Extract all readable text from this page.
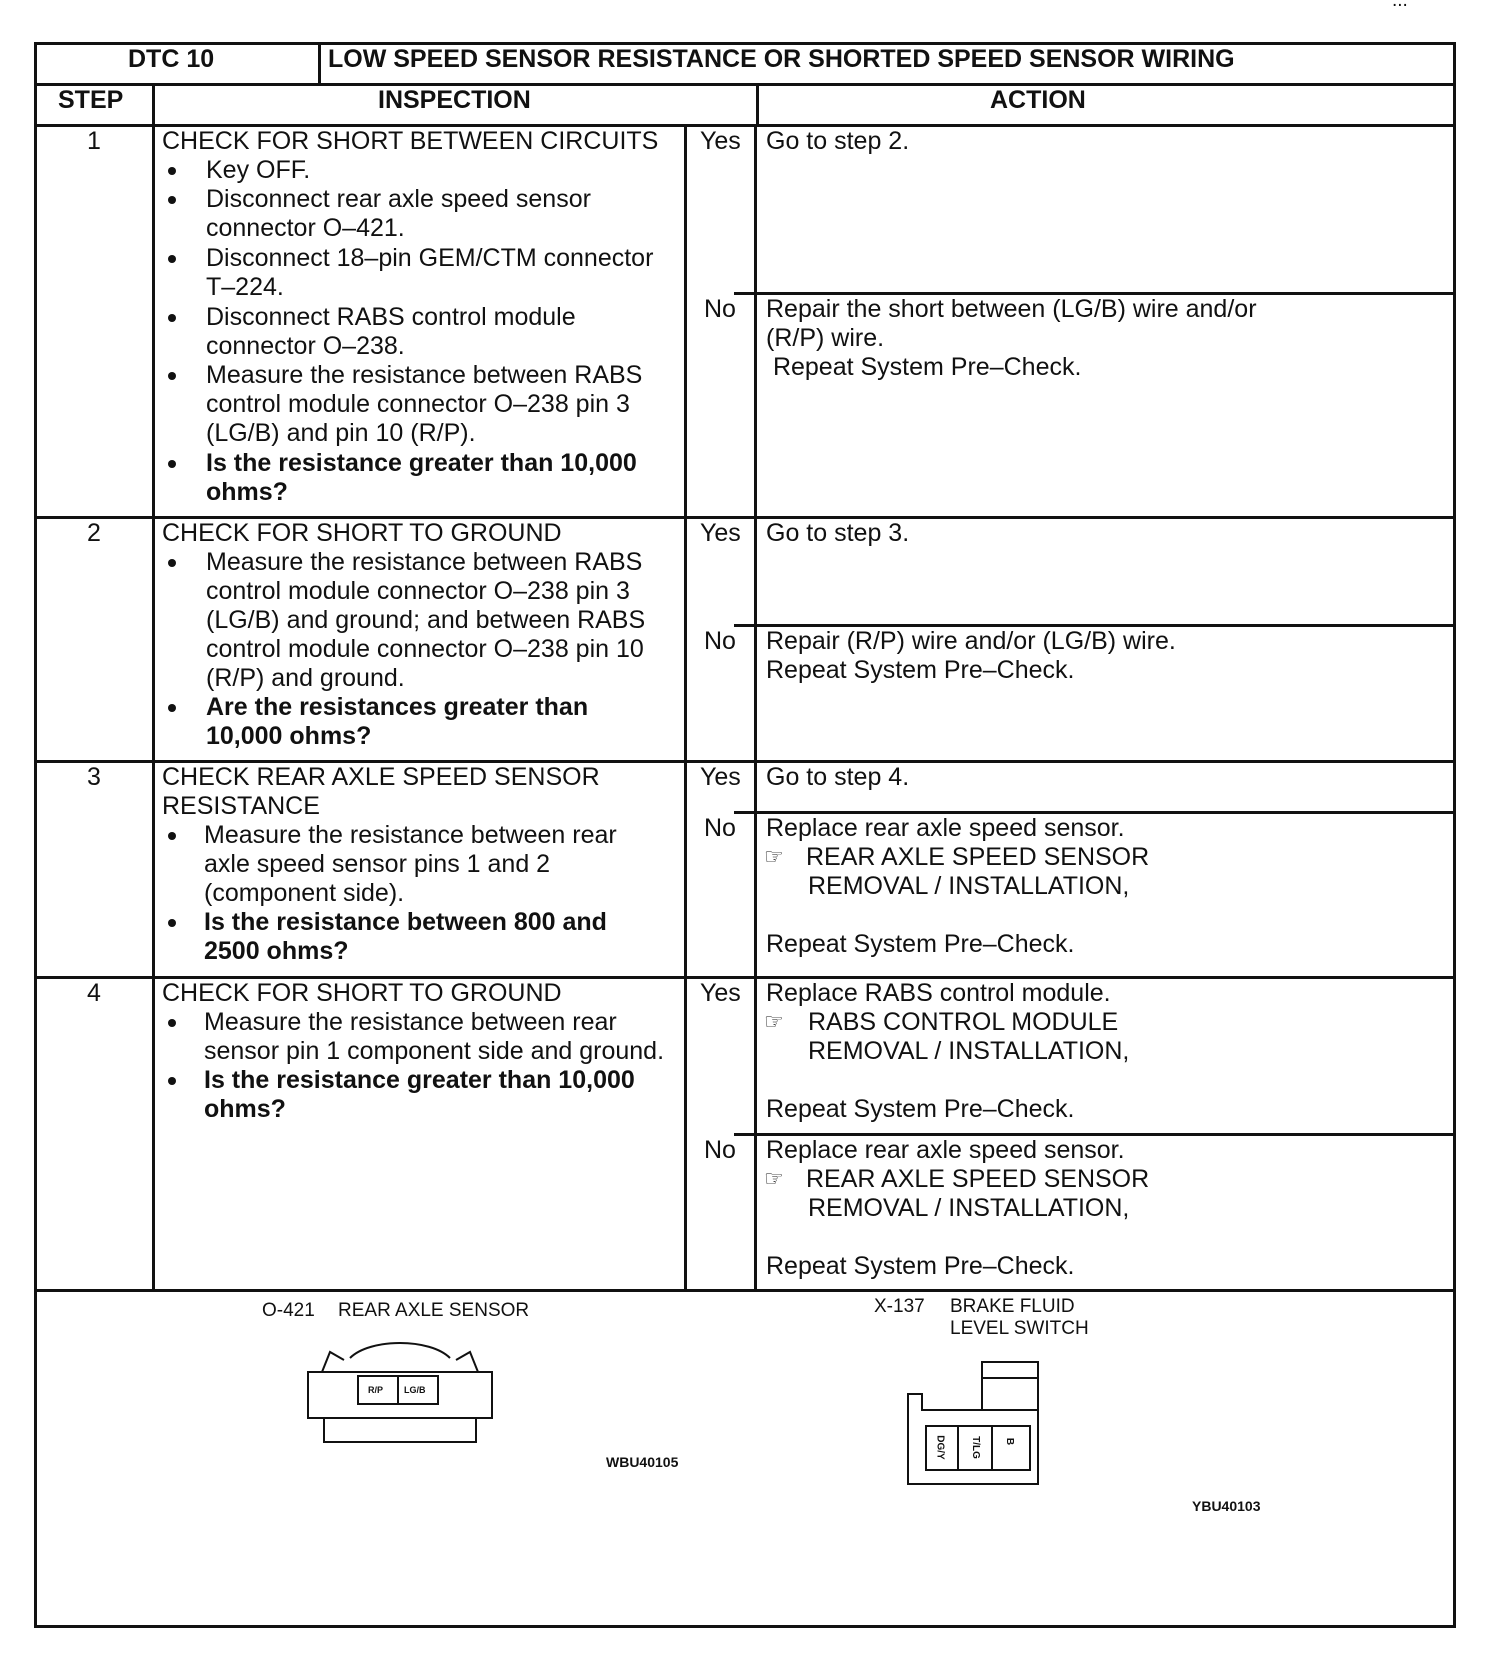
...
DTC 10	LOW SPEED SENSOR RESISTANCE OR SHORTED SPEED SENSOR WIRING
STEP	INSPECTION	ACTION
1 CHECK FOR SHORT BETWEEN CIRCUITS
Key OFF.
Disconnect rear axle speed sensor
connector O–421.
Disconnect 18–pin GEM/CTM connector
T–224.
Disconnect RABS control module
connector O–238.
Measure the resistance between RABS
control module connector O–238 pin 3
(LG/B) and pin 10 (R/P).
Is the resistance greater than 10,000
ohms?
Yes Go to step 2.
No Repair the short between (LG/B) wire and/or
(R/P) wire.
Repeat System Pre–Check.
2 CHECK FOR SHORT TO GROUND
Measure the resistance between RABS
control module connector O–238 pin 3
(LG/B) and ground; and between RABS
control module connector O–238 pin 10
(R/P) and ground.
Are the resistances greater than
10,000 ohms?
Yes Go to step 3.
No Repair (R/P) wire and/or (LG/B) wire.
Repeat System Pre–Check.
3 CHECK REAR AXLE SPEED SENSOR
RESISTANCE
Measure the resistance between rear
axle speed sensor pins 1 and 2
(component side).
Is the resistance between 800 and
2500 ohms?
Yes Go to step 4.
No Replace rear axle speed sensor.
☞ REAR AXLE SPEED SENSOR
REMOVAL / INSTALLATION,
Repeat System Pre–Check.
4 CHECK FOR SHORT TO GROUND
Measure the resistance between rear
sensor pin 1 component side and ground.
Is the resistance greater than 10,000
ohms?
Yes Replace RABS control module.
☞ RABS CONTROL MODULE
REMOVAL / INSTALLATION,
Repeat System Pre–Check.
No Replace rear axle speed sensor.
☞ REAR AXLE SPEED SENSOR
REMOVAL / INSTALLATION,
Repeat System Pre–Check.
O-421 REAR AXLE SENSOR
R/P LG/B
WBU40105
X-137 BRAKE FLUID
LEVEL SWITCH
DG/Y T/LG B
YBU40103
